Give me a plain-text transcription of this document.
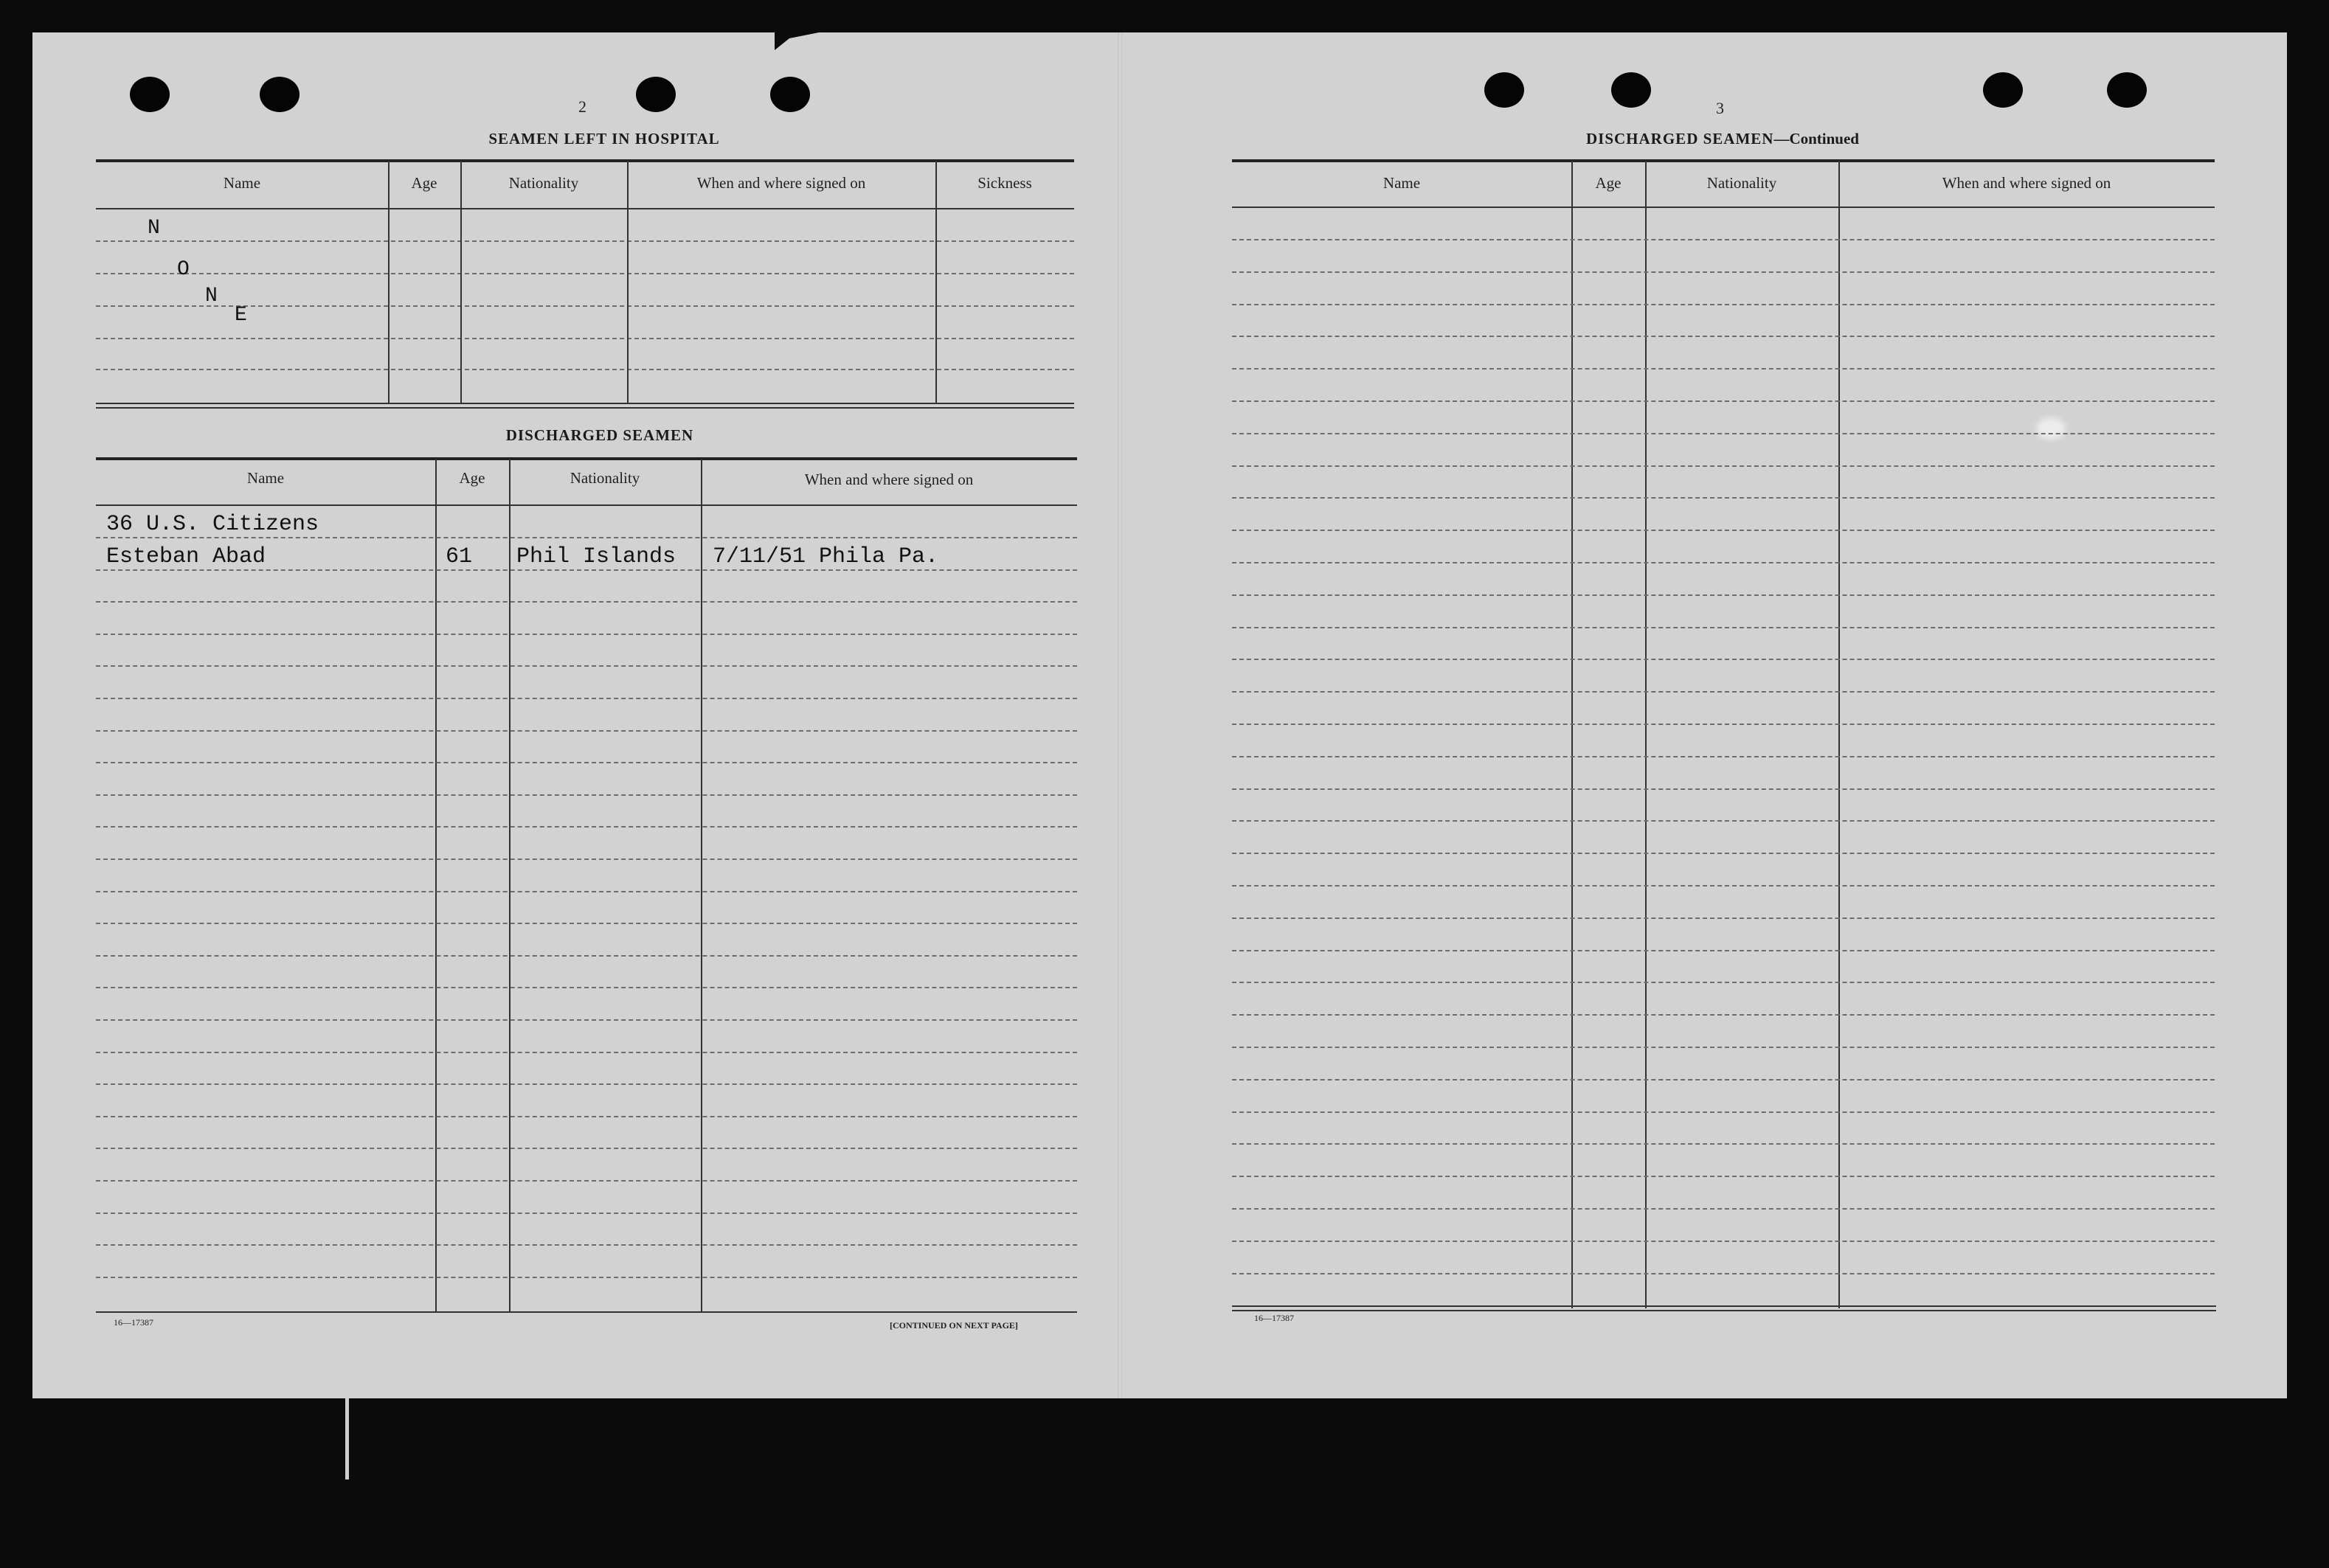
2
SEAMEN LEFT IN HOSPITAL
Name	Age	Nationality	When and where signed on	Sickness
N
O
N
E
DISCHARGED SEAMEN
Name	Age	Nationality	When and where signed on
36 U.S. Citizens
Esteban Abad	61 Phil Islands 7/11/51 Phila Pa.
16—17387	[CONTINUED ON NEXT PAGE]
3
DISCHARGED SEAMEN—Continued
Name	Age	Nationality	When and where signed on
16—17387
